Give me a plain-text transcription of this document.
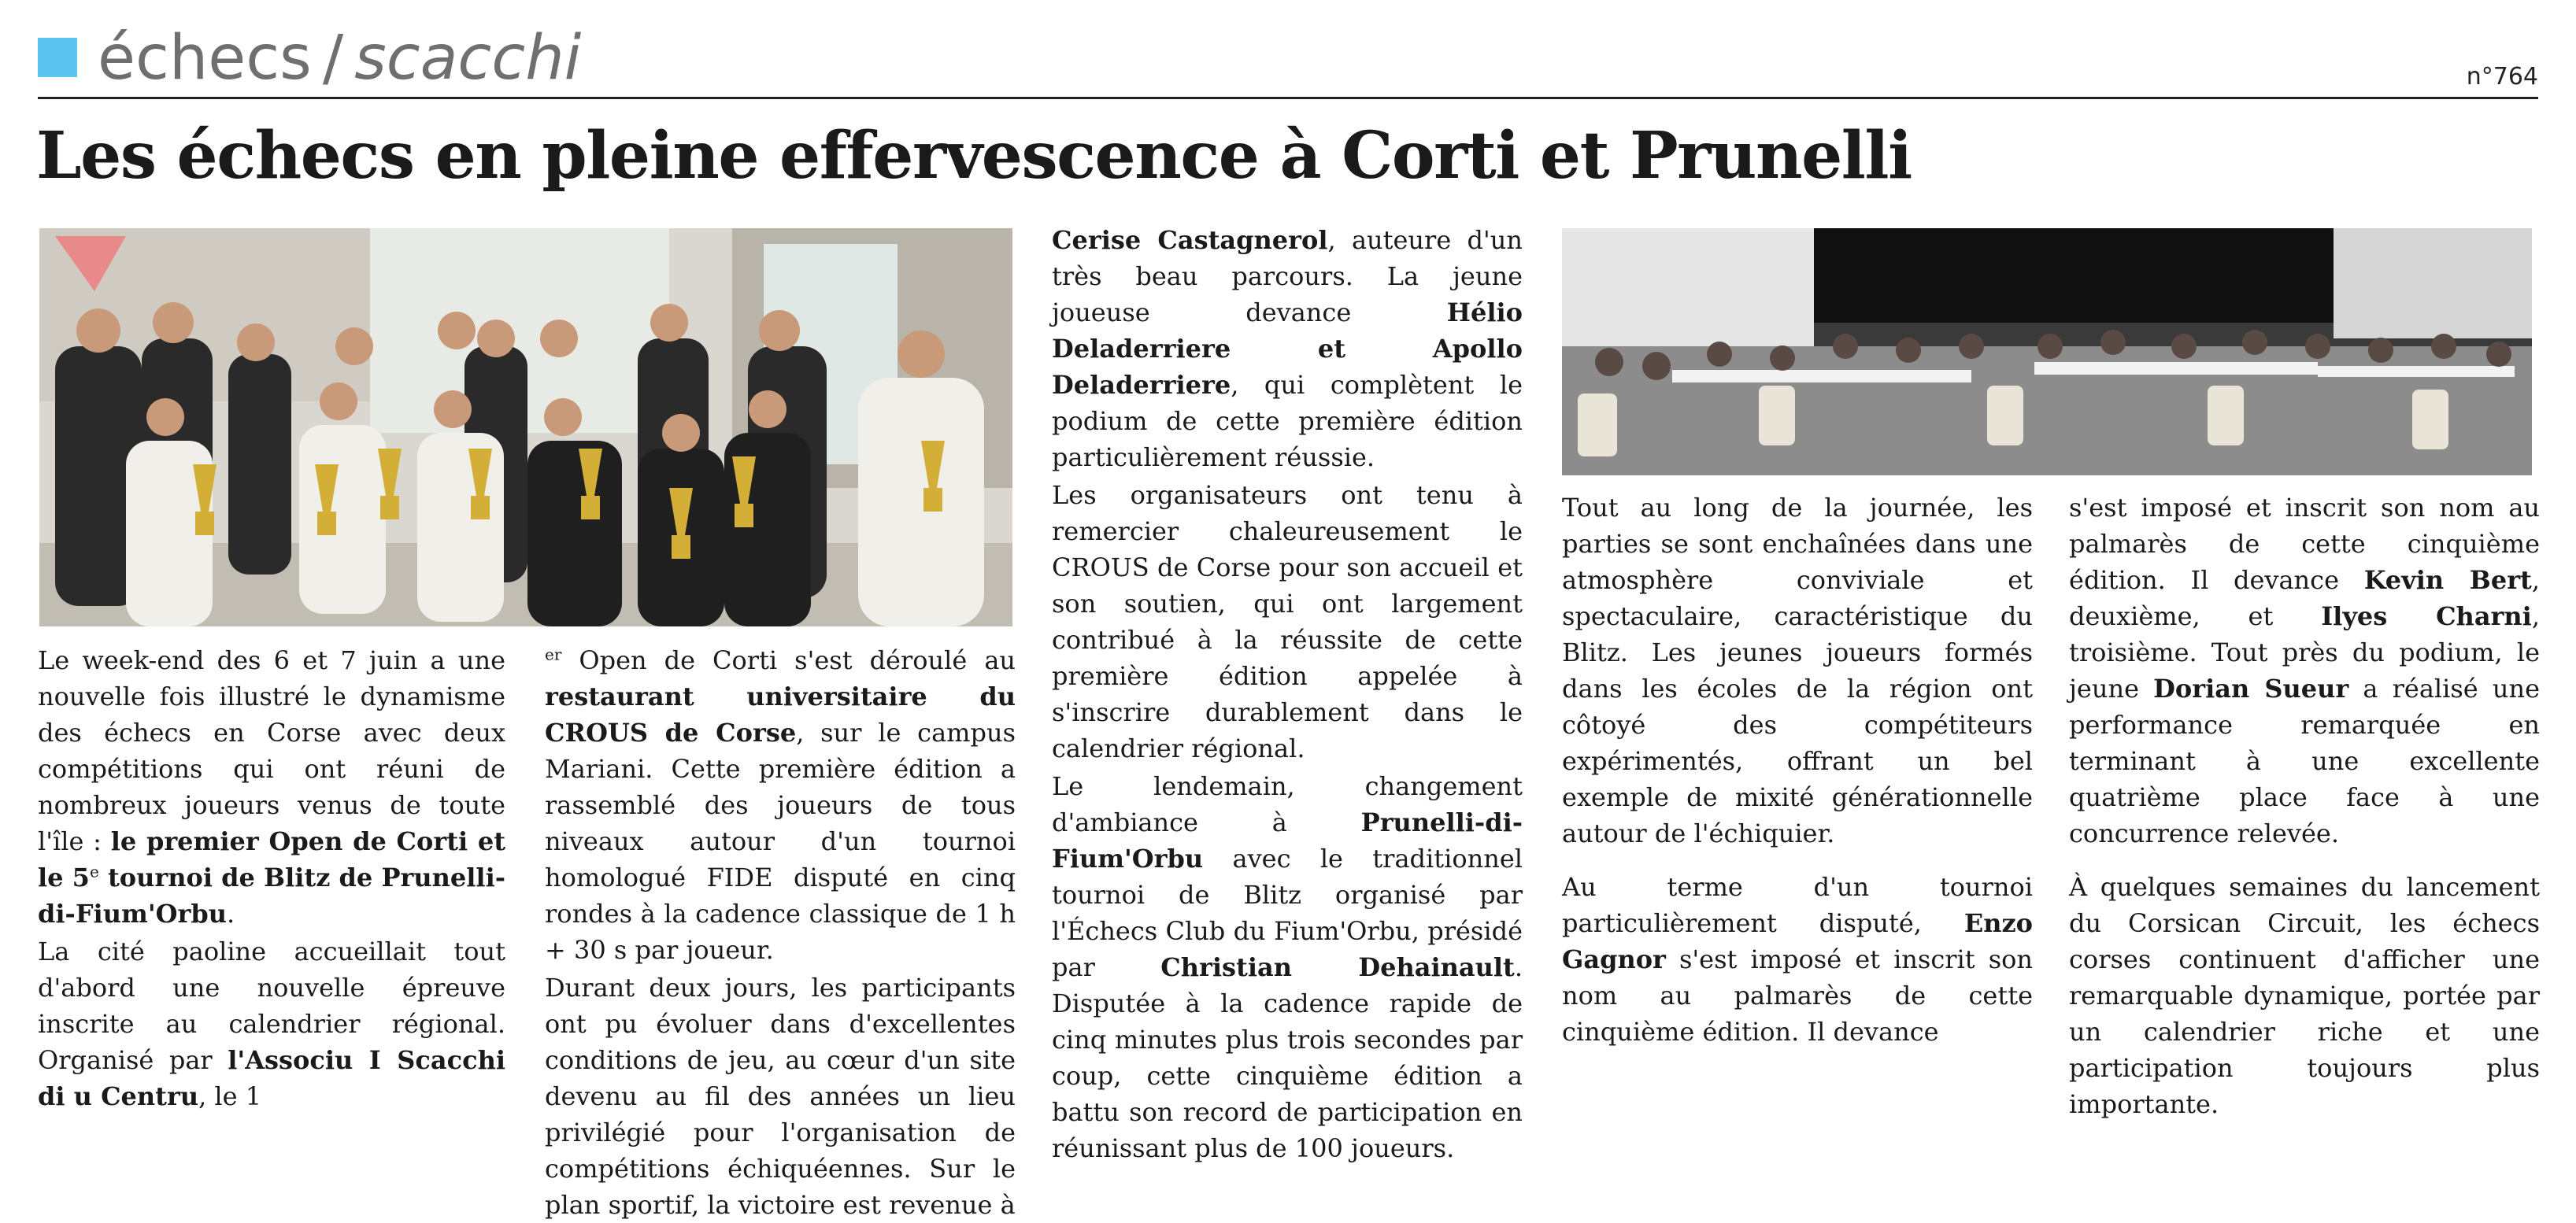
échecs / scacchi	n°764
Les échecs en pleine effervescence à Corti et Prunelli

Le week-end des 6 et 7 juin a une nouvelle fois illustré le dynamisme des échecs en Corse avec deux compétitions qui ont réuni de nombreux joueurs venus de toute l'île : le premier Open de Corti et le 5e tournoi de Blitz de Prunelli-di-Fium'Orbu.

La cité paoline accueillait tout d'abord une nouvelle épreuve inscrite au calendrier régional. Organisé par l'Associu I Scacchi di u Centru, le 1

$^{er}$ Open de Corti s'est déroulé au restaurant universitaire du CROUS de Corse, sur le campus Mariani. Cette première édition a rassemblé des joueurs de tous niveaux autour d'un tournoi homologué FIDE disputé en cinq rondes à la cadence classique de 1 h + 30 s par joueur.

Durant deux jours, les participants ont pu évoluer dans d'excellentes conditions de jeu, au cœur d'un site devenu au fil des années un lieu privilégié pour l'organisation de compétitions échiquéennes. Sur le plan sportif, la victoire est revenue à

Cerise Castagnerol, auteure d'un très beau parcours. La jeune joueuse devance Hélio Deladerriere et Apollo Deladerriere, qui complètent le podium de cette première édition particulièrement réussie.

Les organisateurs ont tenu à remercier chaleureusement le CROUS de Corse pour son accueil et son soutien, qui ont largement contribué à la réussite de cette première édition appelée à s'inscrire durablement dans le calendrier régional.

Le lendemain, changement d'ambiance à Prunelli-di-Fium'Orbu avec le traditionnel tournoi de Blitz organisé par l'Échecs Club du Fium'Orbu, présidé par Christian Dehainault. Disputée à la cadence rapide de cinq minutes plus trois secondes par coup, cette cinquième édition a battu son record de participation en réunissant plus de 100 joueurs.

Tout au long de la journée, les parties se sont enchaînées dans une atmosphère conviviale et spectaculaire, caractéristique du Blitz. Les jeunes joueurs formés dans les écoles de la région ont côtoyé des compétiteurs expérimentés, offrant un bel exemple de mixité générationnelle autour de l'échiquier.

Au terme d'un tournoi particulièrement disputé, Enzo Gagnor s'est imposé et inscrit son nom au palmarès de cette cinquième édition. Il devance

s'est imposé et inscrit son nom au palmarès de cette cinquième édition. Il devance Kevin Bert, deuxième, et Ilyes Charni, troisième. Tout près du podium, le jeune Dorian Sueur a réalisé une performance remarquée en terminant à une excellente quatrième place face à une concurrence relevée.

À quelques semaines du lancement du Corsican Circuit, les échecs corses continuent d'afficher une remarquable dynamique, portée par un calendrier riche et une participation toujours plus importante.
